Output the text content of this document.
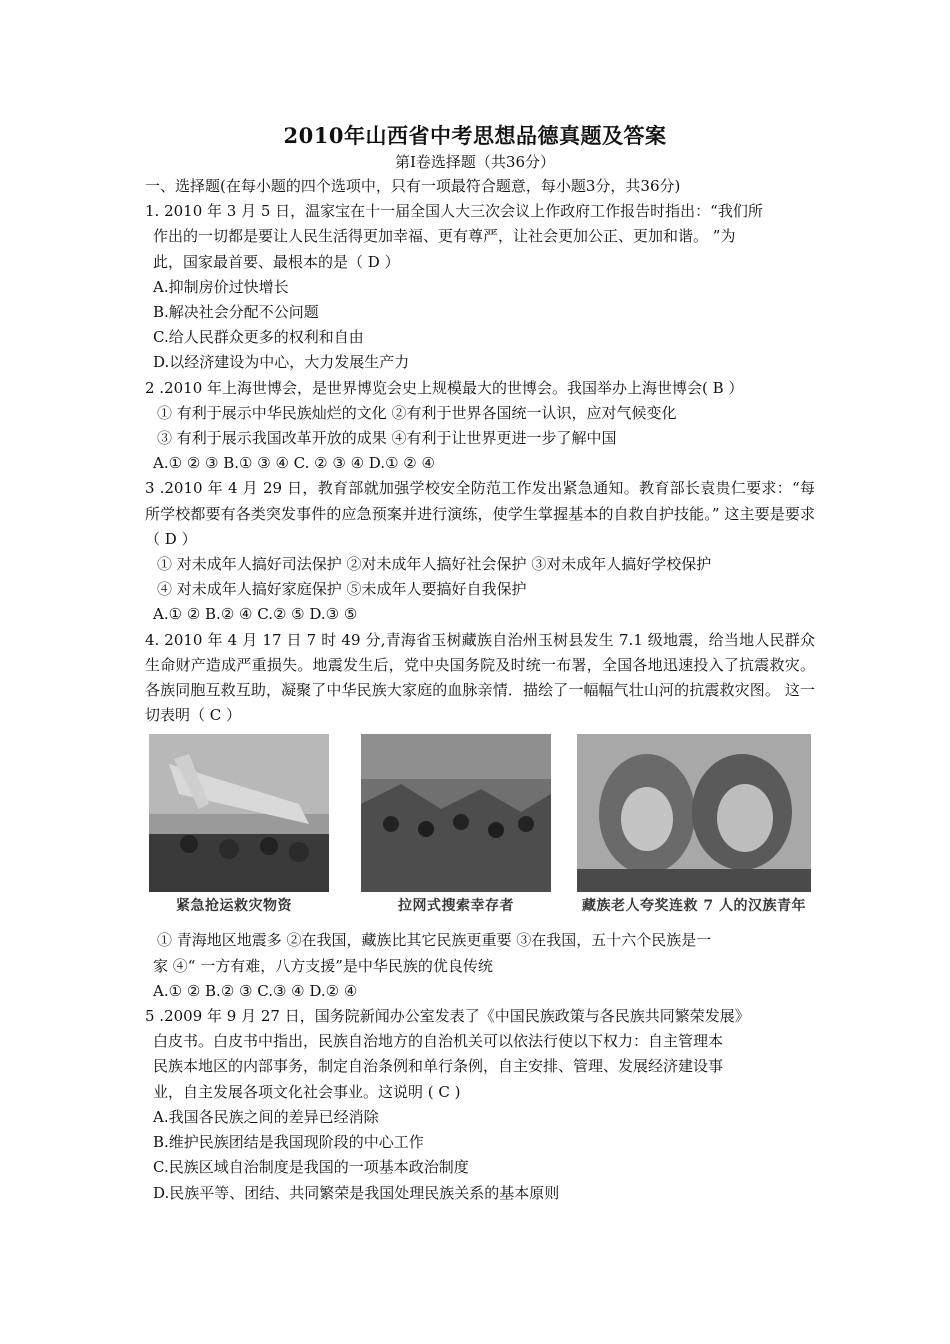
2010年山西省中考思想品德真题及答案
第Ⅰ卷选择题（共36分）
一、选择题(在每小题的四个选项中，只有一项最符合题意，每小题3分，共36分)
1. 2010 年 3 月 5 日，温家宝在十一届全国人大三次会议上作政府工作报告时指出：“我们所
作出的一切都是要让人民生活得更加幸福、更有尊严，让社会更加公正、更加和谐。 ”为
此，国家最首要、最根本的是（ D ）
A.抑制房价过快增长
B.解决社会分配不公问题
C.给人民群众更多的权利和自由
D.以经济建设为中心，大力发展生产力
2 .2010 年上海世博会，是世界博览会史上规模最大的世博会。我国举办上海世博会( B ）
① 有利于展示中华民族灿烂的文化 ②有利于世界各国统一认识，应对气候变化
③ 有利于展示我国改革开放的成果 ④有利于让世界更进一步了解中国
A.① ② ③ B.① ③ ④ C. ② ③ ④ D.① ② ④
3 .2010 年 4 月 29 日，教育部就加强学校安全防范工作发出紧急通知。教育部长袁贵仁要求：“每所学校都要有各类突发事件的应急预案并进行演练，使学生掌握基本的自救自护技能。” 这主要是要求（ D ）
① 对未成年人搞好司法保护 ②对未成年人搞好社会保护 ③对未成年人搞好学校保护
④ 对未成年人搞好家庭保护 ⑤未成年人要搞好自我保护
A.① ② B.② ④ C.② ⑤ D.③ ⑤
4. 2010 年 4 月 17 日 7 时 49 分,青海省玉树藏族自治州玉树县发生 7.1 级地震，给当地人民群众生命财产造成严重损失。地震发生后，党中央国务院及时统一布署，全国各地迅速投入了抗震救灾。各族同胞互救互助，凝聚了中华民族大家庭的血脉亲情．描绘了一幅幅气壮山河的抗震救灾图。 这一切表明（ C ）
紧急抢运救灾物资	拉网式搜索幸存者	藏族老人夸奖连救 7 人的汉族青年
① 青海地区地震多 ②在我国，藏族比其它民族更重要 ③在我国，五十六个民族是一
家 ④“ 一方有难，八方支援”是中华民族的优良传统
A.① ② B.② ③ C.③ ④ D.② ④
5 .2009 年 9 月 27 日，国务院新闻办公室发表了《中国民族政策与各民族共同繁荣发展》
白皮书。白皮书中指出，民族自治地方的自治机关可以依法行使以下权力：自主管理本
民族本地区的内部事务，制定自治条例和单行条例，自主安排、管理、发展经济建设事
业，自主发展各项文化社会事业。这说明 ( C )
A.我国各民族之间的差异已经消除
B.维护民族团结是我国现阶段的中心工作
C.民族区域自治制度是我国的一项基本政治制度
D.民族平等、团结、共同繁荣是我国处理民族关系的基本原则
